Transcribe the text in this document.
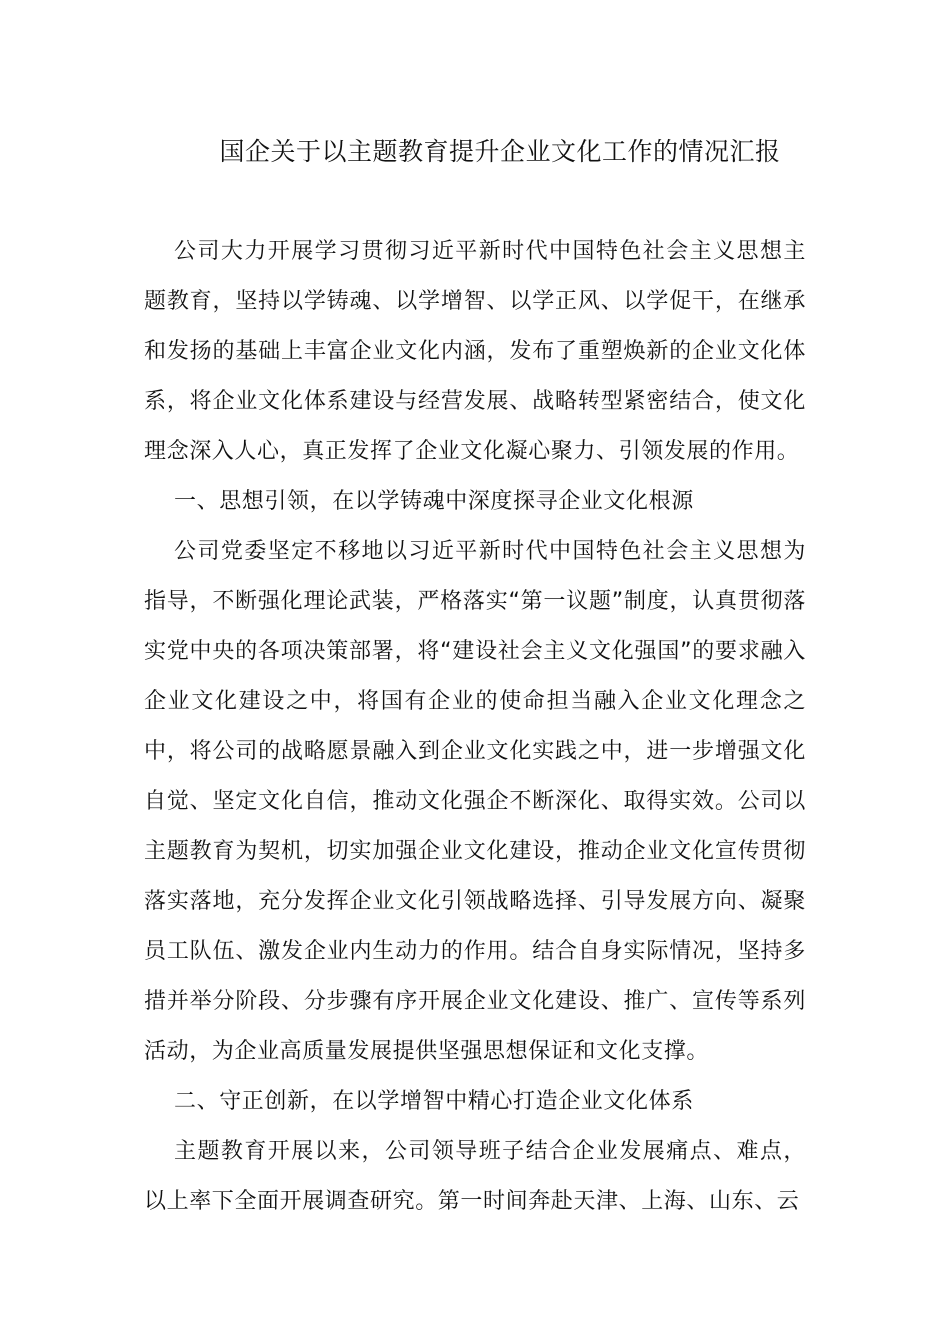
国企关于以主题教育提升企业文化工作的情况汇报

公司大力开展学习贯彻习近平新时代中国特色社会主义思想主题教育，坚持以学铸魂、以学增智、以学正风、以学促干，在继承和发扬的基础上丰富企业文化内涵，发布了重塑焕新的企业文化体系，将企业文化体系建设与经营发展、战略转型紧密结合，使文化理念深入人心，真正发挥了企业文化凝心聚力、引领发展的作用。

一、思想引领，在以学铸魂中深度探寻企业文化根源

公司党委坚定不移地以习近平新时代中国特色社会主义思想为指导，不断强化理论武装，严格落实“第一议题”制度，认真贯彻落实党中央的各项决策部署，将“建设社会主义文化强国”的要求融入企业文化建设之中，将国有企业的使命担当融入企业文化理念之中，将公司的战略愿景融入到企业文化实践之中，进一步增强文化自觉、坚定文化自信，推动文化强企不断深化、取得实效。公司以主题教育为契机，切实加强企业文化建设，推动企业文化宣传贯彻落实落地，充分发挥企业文化引领战略选择、引导发展方向、凝聚员工队伍、激发企业内生动力的作用。结合自身实际情况，坚持多措并举分阶段、分步骤有序开展企业文化建设、推广、宣传等系列活动，为企业高质量发展提供坚强思想保证和文化支撑。

二、守正创新，在以学增智中精心打造企业文化体系

主题教育开展以来，公司领导班子结合企业发展痛点、难点，以上率下全面开展调查研究。第一时间奔赴天津、上海、山东、云
